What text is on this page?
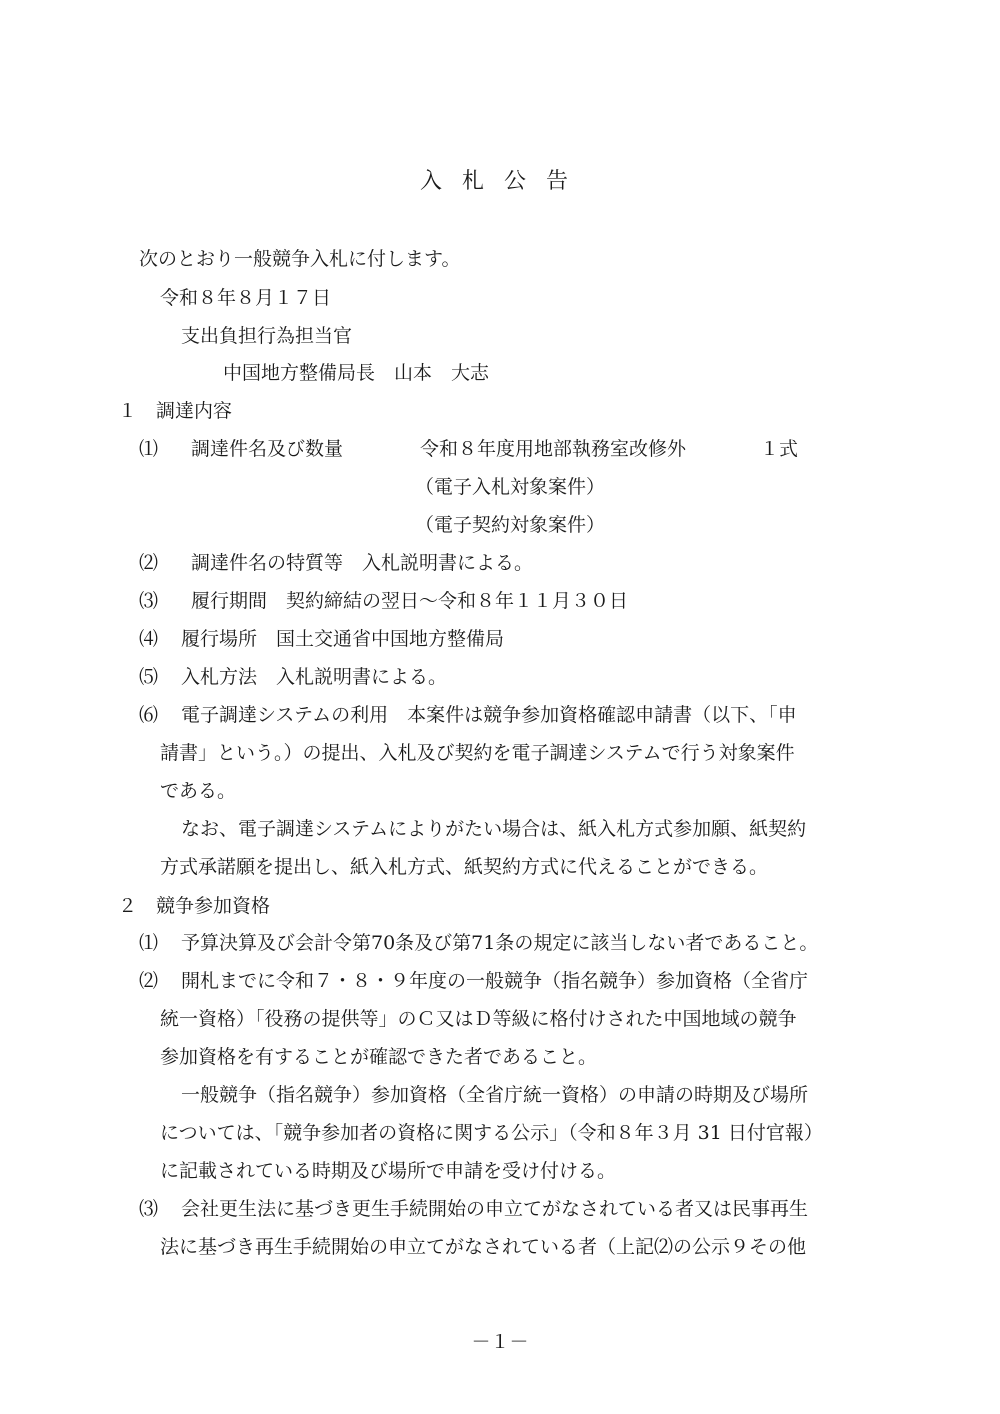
入札公告
次のとおり一般競争入札に付します。
令和８年８月１７日
支出負担行為担当官
中国地方整備局長　山本　大志
１　調達内容
⑴ 調達件名及び数量	令和８年度用地部執務室改修外	１式
（電子入札対象案件）
（電子契約対象案件）
⑵ 調達件名の特質等　入札説明書による。
⑶ 履行期間　契約締結の翌日～令和８年１１月３０日
⑷ 履行場所　国土交通省中国地方整備局
⑸ 入札方法　入札説明書による。
⑹ 電子調達システムの利用　本案件は競争参加資格確認申請書（以下、「申
請書」という。）の提出、入札及び契約を電子調達システムで行う対象案件
である。
なお、電子調達システムによりがたい場合は、紙入札方式参加願、紙契約
方式承諾願を提出し、紙入札方式、紙契約方式に代えることができる。
２　競争参加資格
⑴ 予算決算及び会計令第70条及び第71条の規定に該当しない者であること。
⑵ 開札までに令和７・８・９年度の一般競争（指名競争）参加資格（全省庁
統一資格）「役務の提供等」のＣ又はＤ等級に格付けされた中国地域の競争
参加資格を有することが確認できた者であること。
一般競争（指名競争）参加資格（全省庁統一資格）の申請の時期及び場所
については、「競争参加者の資格に関する公示」（令和８年３月 31 日付官報）
に記載されている時期及び場所で申請を受け付ける。
⑶ 会社更生法に基づき更生手続開始の申立てがなされている者又は民事再生
法に基づき再生手続開始の申立てがなされている者（上記⑵の公示９その他
－１－
